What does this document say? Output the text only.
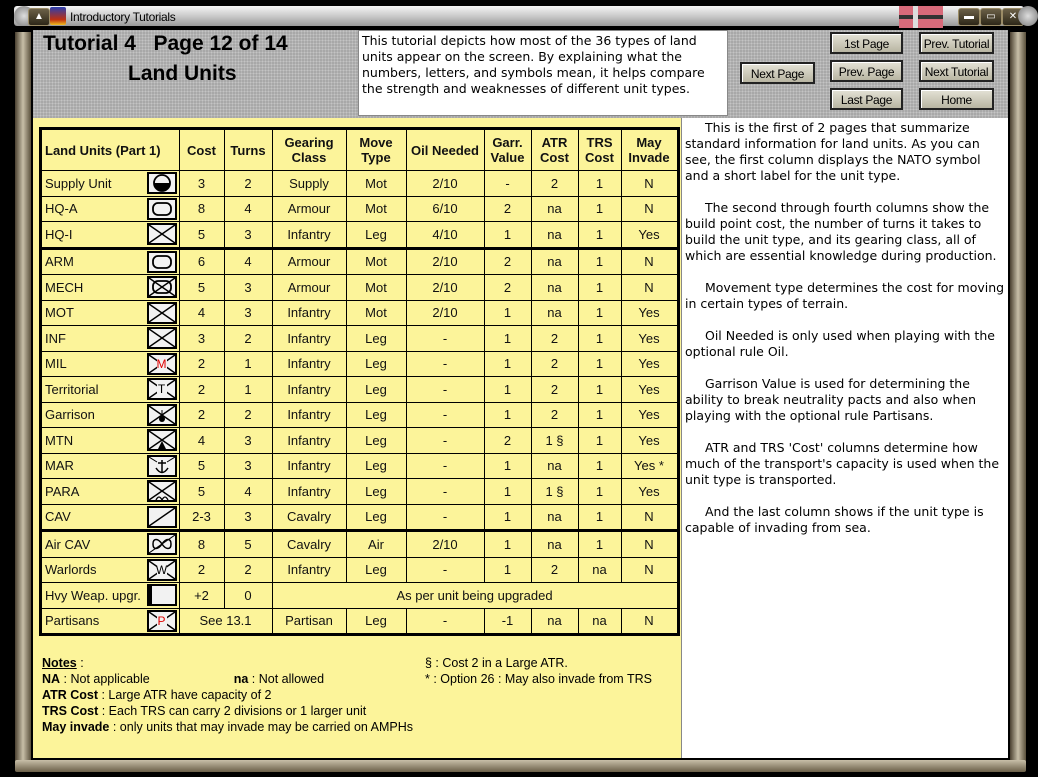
▲	Introductory Tutorials	▬	▭	✕
Tutorial 4   Page 12 of 14
Land Units
This tutorial depicts how most of the 36 types of land units appear on the screen. By explaining what the numbers, letters, and symbols mean, it helps compare the strength and weaknesses of different unit types.
Next Page
1st Page
Prev. Page
Last Page
Prev. Tutorial
Next Tutorial
Home
Land Units (Part 1)		Cost	Turns	Gearing Class	Move Type	Oil Needed	Garr. Value	ATR Cost	TRS Cost	May Invade
Supply Unit		3	2	Supply	Mot	2/10	-	2	1	N
HQ-A		8	4	Armour	Mot	6/10	2	na	1	N
HQ-I		5	3	Infantry	Leg	4/10	1	na	1	Yes
ARM		6	4	Armour	Mot	2/10	2	na	1	N
MECH		5	3	Armour	Mot	2/10	2	na	1	N
MOT		4	3	Infantry	Mot	2/10	1	na	1	Yes
INF		3	2	Infantry	Leg	-	1	2	1	Yes
MIL	M	2	1	Infantry	Leg	-	1	2	1	Yes
Territorial	T	2	1	Infantry	Leg	-	1	2	1	Yes
Garrison		2	2	Infantry	Leg	-	1	2	1	Yes
MTN		4	3	Infantry	Leg	-	2	1 §	1	Yes
MAR		5	3	Infantry	Leg	-	1	na	1	Yes *
PARA		5	4	Infantry	Leg	-	1	1 §	1	Yes
CAV		2-3	3	Cavalry	Leg	-	1	na	1	N
Air CAV		8	5	Cavalry	Air	2/10	1	na	1	N
Warlords	W	2	2	Infantry	Leg	-	1	2	na	N
Hvy Weap. upgr.		+2	0	As per unit being upgraded						
Partisans	P	See 13.1		Partisan	Leg	-	-1	na	na	N
Notes :
NA : Not applicable	na : Not allowed
ATR Cost : Large ATR have capacity of 2
TRS Cost : Each TRS can carry 2 divisions or 1 larger unit
May invade : only units that may invade may be carried on AMPHs
§ : Cost 2 in a Large ATR.
* : Option 26 : May also invade from TRS

This is the first of 2 pages that summarize standard information for land units. As you can see, the first column displays the NATO symbol and a short label for the unit type.

The second through fourth columns show the build point cost, the number of turns it takes to build the unit type, and its gearing class, all of which are essential knowledge during production.

Movement type determines the cost for moving in certain types of terrain.

Oil Needed is only used when playing with the optional rule Oil.

Garrison Value is used for determining the ability to break neutrality pacts and also when playing with the optional rule Partisans.

ATR and TRS 'Cost' columns determine how much of the transport's capacity is used when the unit type is transported.

And the last column shows if the unit type is capable of invading from sea.
